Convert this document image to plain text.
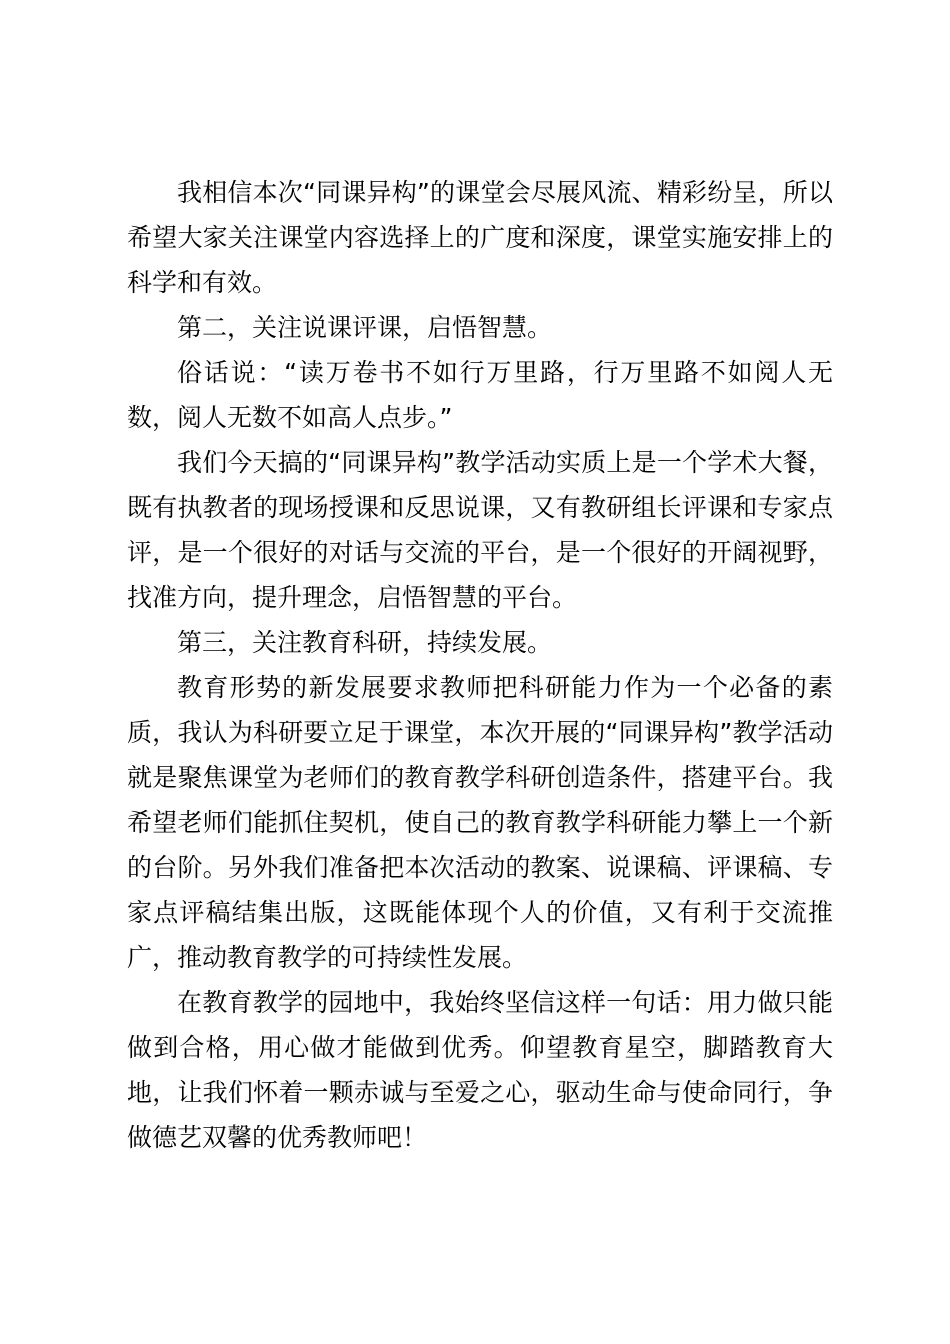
我相信本次“同课异构”的课堂会尽展风流、精彩纷呈，所以希望大家关注课堂内容选择上的广度和深度，课堂实施安排上的科学和有效。

第二，关注说课评课，启悟智慧。

俗话说：“读万卷书不如行万里路，行万里路不如阅人无数，阅人无数不如高人点步。”

我们今天搞的“同课异构”教学活动实质上是一个学术大餐，既有执教者的现场授课和反思说课，又有教研组长评课和专家点评，是一个很好的对话与交流的平台，是一个很好的开阔视野，找准方向，提升理念，启悟智慧的平台。

第三，关注教育科研，持续发展。

教育形势的新发展要求教师把科研能力作为一个必备的素质，我认为科研要立足于课堂，本次开展的“同课异构”教学活动就是聚焦课堂为老师们的教育教学科研创造条件，搭建平台。我希望老师们能抓住契机，使自己的教育教学科研能力攀上一个新的台阶。另外我们准备把本次活动的教案、说课稿、评课稿、专家点评稿结集出版，这既能体现个人的价值，又有利于交流推广，推动教育教学的可持续性发展。

在教育教学的园地中，我始终坚信这样一句话：用力做只能做到合格，用心做才能做到优秀。仰望教育星空，脚踏教育大地，让我们怀着一颗赤诚与至爱之心，驱动生命与使命同行，争做德艺双馨的优秀教师吧！
